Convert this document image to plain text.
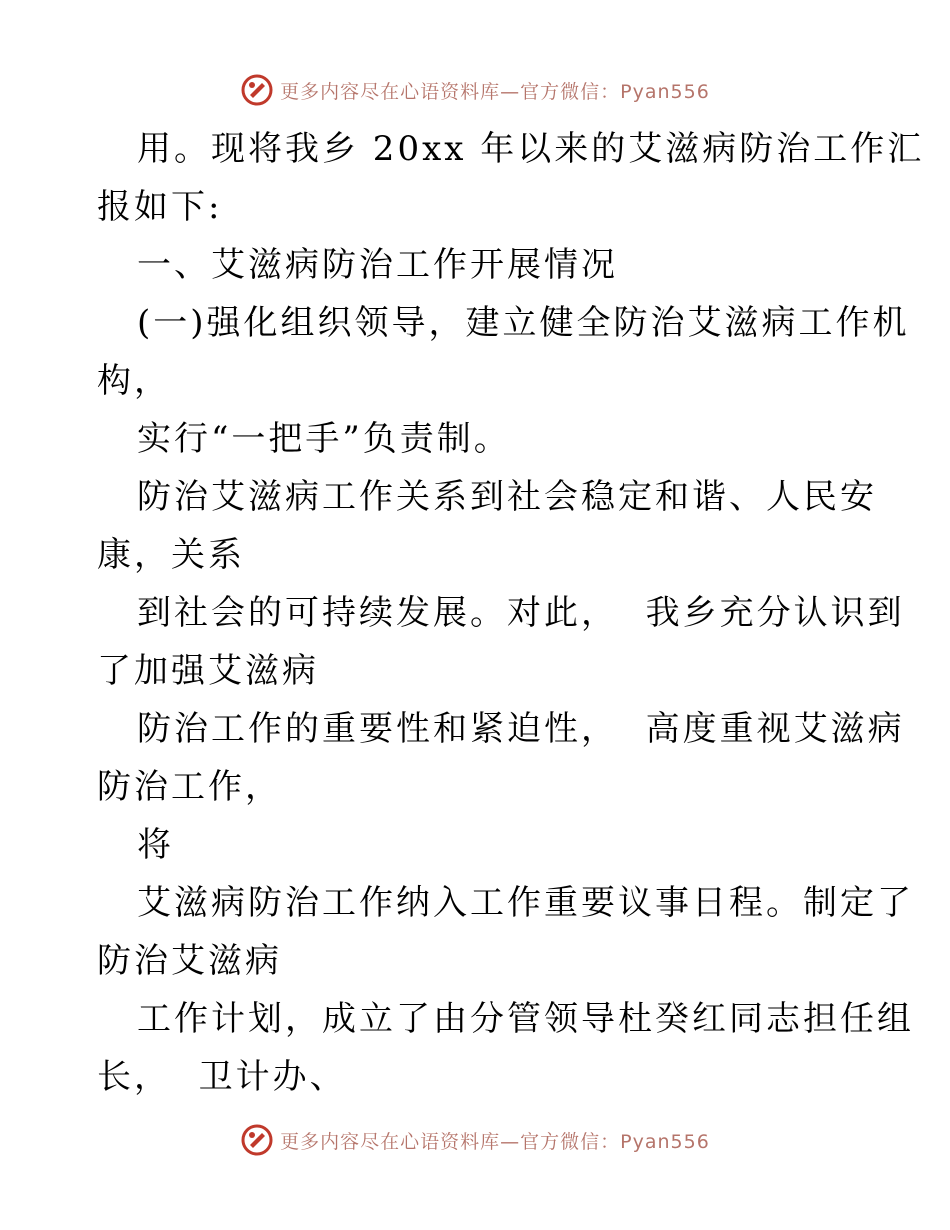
更多内容尽在心语资料库—官方微信：Pyan556
用。现将我乡 20xx 年以来的艾滋病防治工作汇
报如下:
一、艾滋病防治工作开展情况
(一)强化组织领导，建立健全防治艾滋病工作机
构，
实行“一把手”负责制。
防治艾滋病工作关系到社会稳定和谐、人民安
康，关系
到社会的可持续发展。对此，  我乡充分认识到
了加强艾滋病
防治工作的重要性和紧迫性，  高度重视艾滋病
防治工作，
将
艾滋病防治工作纳入工作重要议事日程。制定了
防治艾滋病
工作计划，成立了由分管领导杜癸红同志担任组
长，  卫计办、
更多内容尽在心语资料库—官方微信：Pyan556
